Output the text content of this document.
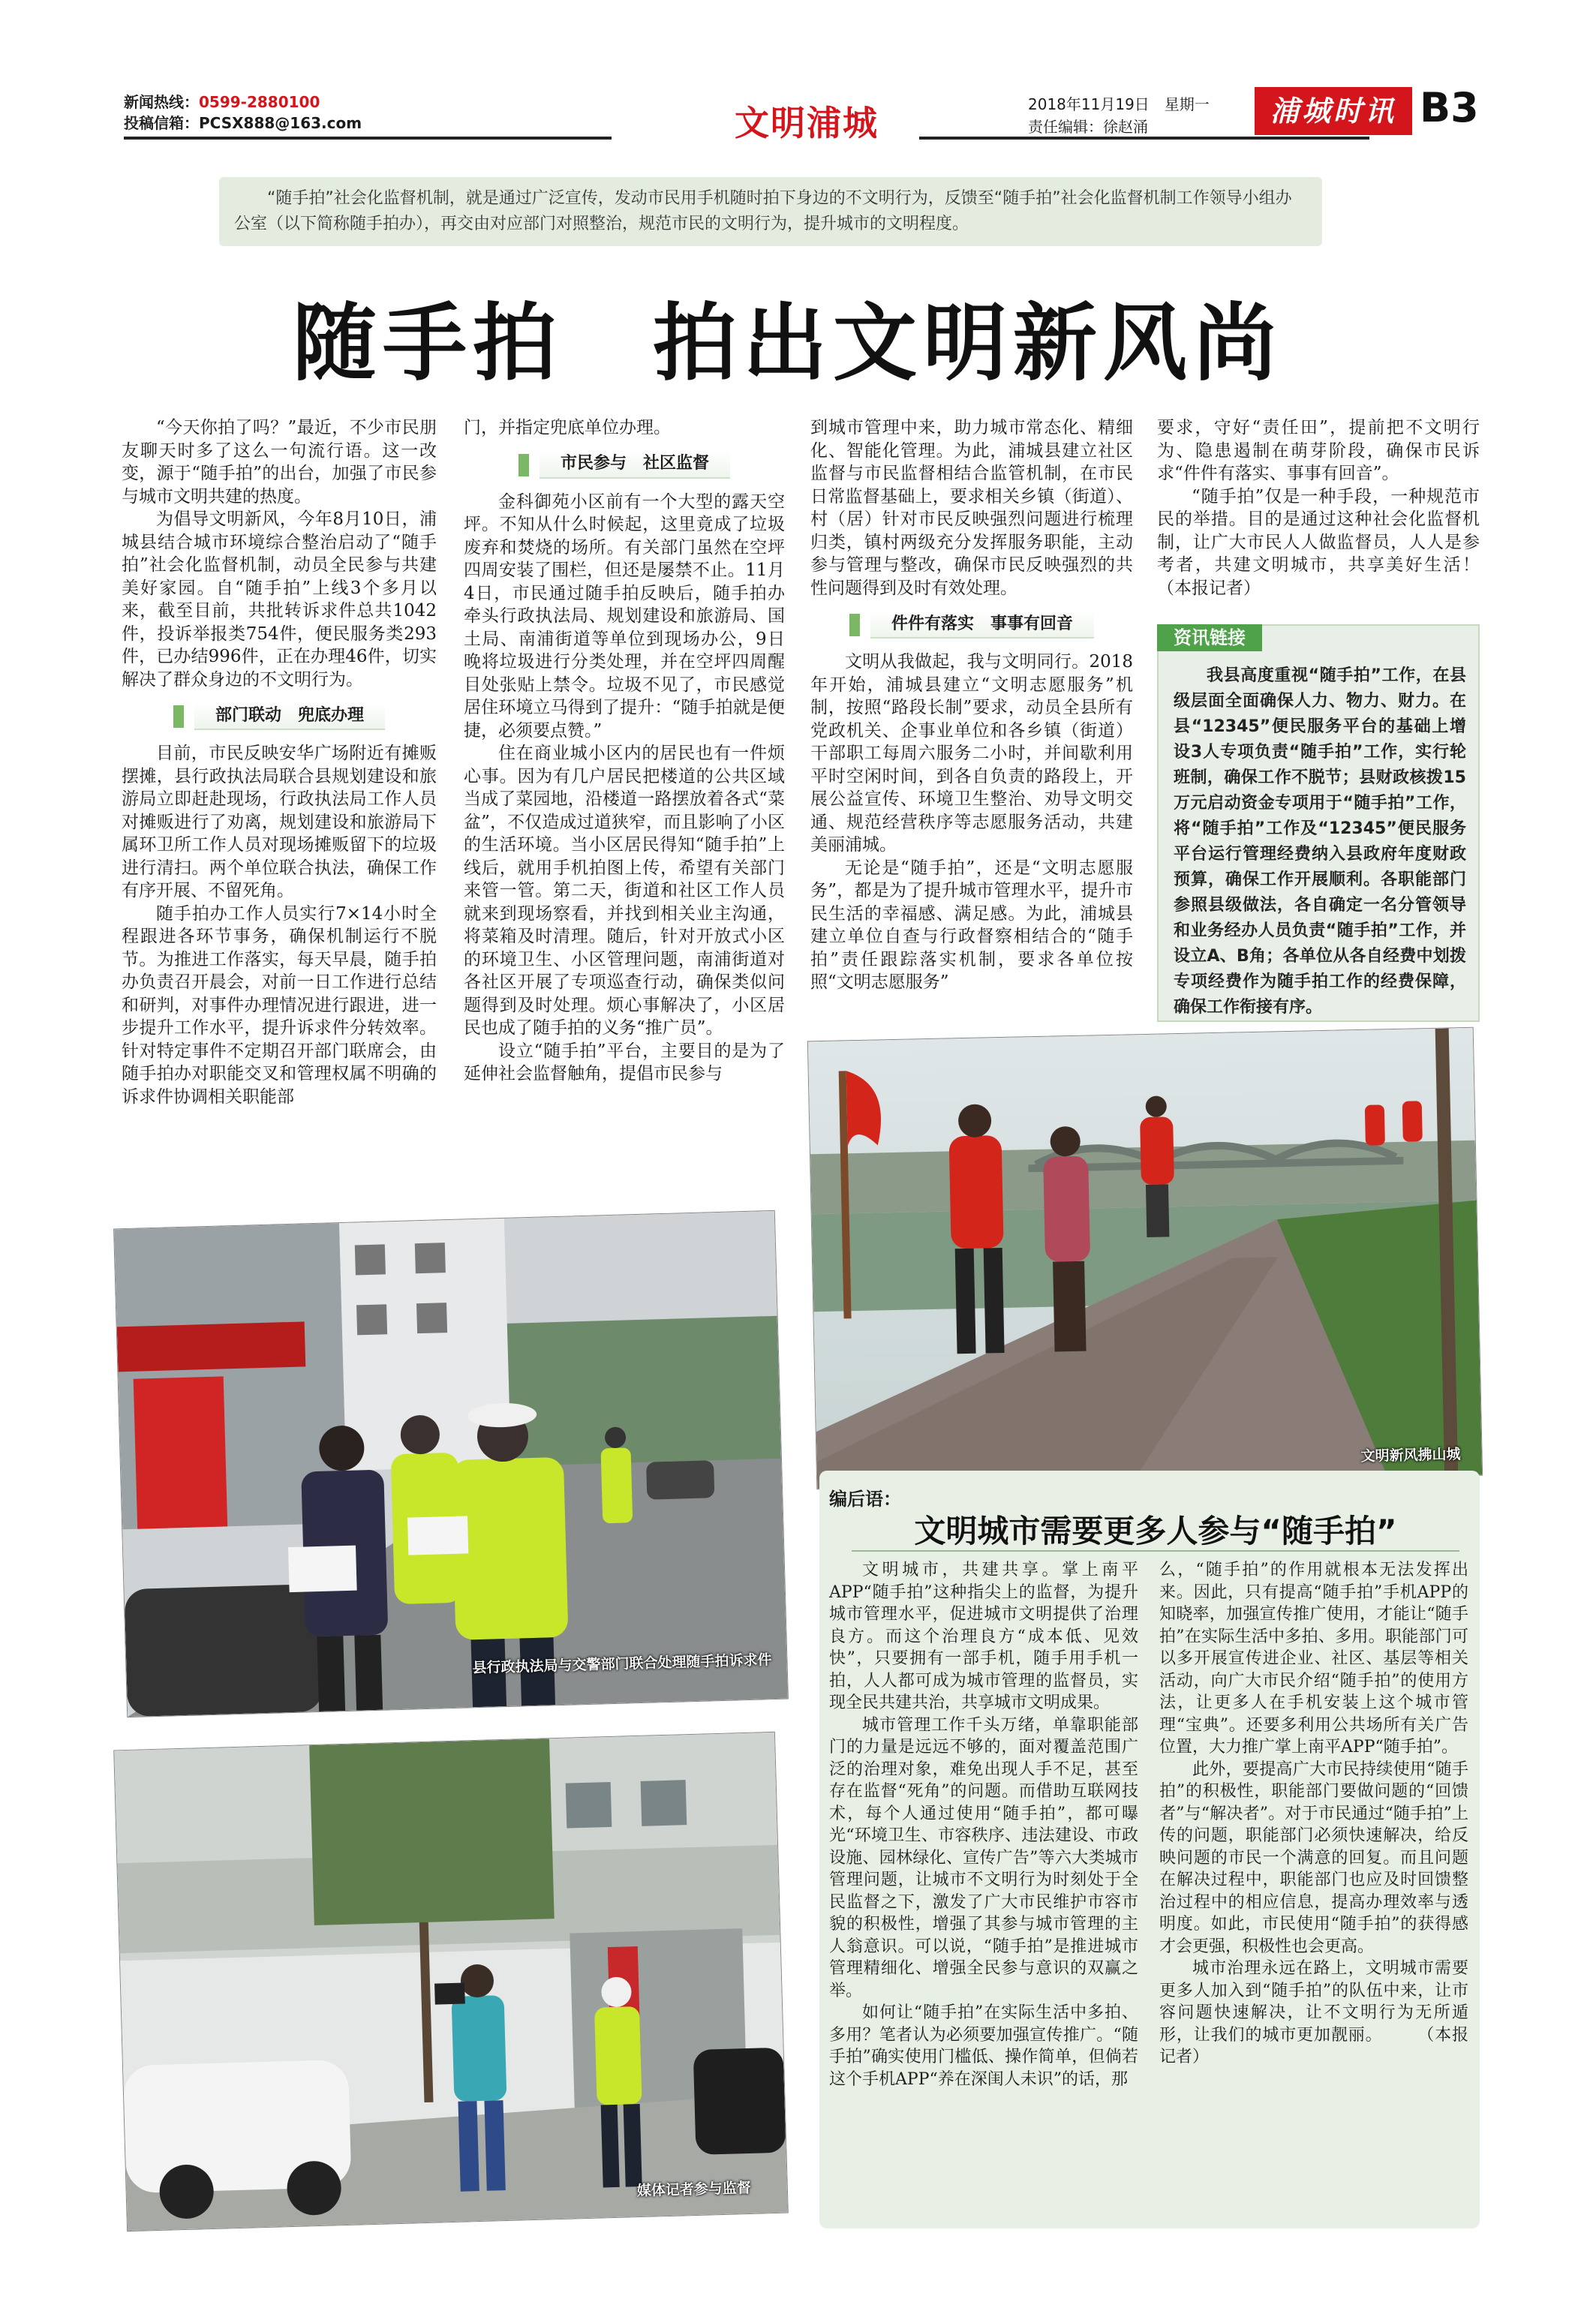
新闻热线：0599-2880100
投稿信箱：PCSX888@163.com	文明浦城	2018年11月19日　星期一
责任编辑：徐赵涌	浦城时讯 B3
“随手拍”社会化监督机制，就是通过广泛宣传，发动市民用手机随时拍下身边的不文明行为，反馈至“随手拍”社会化监督机制工作领导小组办公室（以下简称随手拍办），再交由对应部门对照整治，规范市民的文明行为，提升城市的文明程度。
随手拍　拍出文明新风尚

“今天你拍了吗？”最近，不少市民朋友聊天时多了这么一句流行语。这一改变，源于“随手拍”的出台，加强了市民参与城市文明共建的热度。

为倡导文明新风，今年8月10日，浦城县结合城市环境综合整治启动了“随手拍”社会化监督机制，动员全民参与共建美好家园。自“随手拍”上线3个多月以来，截至目前，共批转诉求件总共1042件，投诉举报类754件，便民服务类293件，已办结996件，正在办理46件，切实解决了群众身边的不文明行为。

部门联动　兜底办理

目前，市民反映安华广场附近有摊贩摆摊，县行政执法局联合县规划建设和旅游局立即赶赴现场，行政执法局工作人员对摊贩进行了劝离，规划建设和旅游局下属环卫所工作人员对现场摊贩留下的垃圾进行清扫。两个单位联合执法，确保工作有序开展、不留死角。

随手拍办工作人员实行7×14小时全程跟进各环节事务，确保机制运行不脱节。为推进工作落实，每天早晨，随手拍办负责召开晨会，对前一日工作进行总结和研判，对事件办理情况进行跟进，进一步提升工作水平，提升诉求件分转效率。针对特定事件不定期召开部门联席会，由随手拍办对职能交叉和管理权属不明确的诉求件协调相关职能部

门，并指定兜底单位办理。

市民参与　社区监督

金科御苑小区前有一个大型的露天空坪。不知从什么时候起，这里竟成了垃圾废弃和焚烧的场所。有关部门虽然在空坪四周安装了围栏，但还是屡禁不止。11月4日，市民通过随手拍反映后，随手拍办牵头行政执法局、规划建设和旅游局、国土局、南浦街道等单位到现场办公，9日晚将垃圾进行分类处理，并在空坪四周醒目处张贴上禁令。垃圾不见了，市民感觉居住环境立马得到了提升：“随手拍就是便捷，必须要点赞。”

住在商业城小区内的居民也有一件烦心事。因为有几户居民把楼道的公共区域当成了菜园地，沿楼道一路摆放着各式“菜盆”，不仅造成过道狭窄，而且影响了小区的生活环境。当小区居民得知“随手拍”上线后，就用手机拍图上传，希望有关部门来管一管。第二天，街道和社区工作人员就来到现场察看，并找到相关业主沟通，将菜箱及时清理。随后，针对开放式小区的环境卫生、小区管理问题，南浦街道对各社区开展了专项巡查行动，确保类似问题得到及时处理。烦心事解决了，小区居民也成了随手拍的义务“推广员”。

设立“随手拍”平台，主要目的是为了延伸社会监督触角，提倡市民参与

到城市管理中来，助力城市常态化、精细化、智能化管理。为此，浦城县建立社区监督与市民监督相结合监管机制，在市民日常监督基础上，要求相关乡镇（街道）、村（居）针对市民反映强烈问题进行梳理归类，镇村两级充分发挥服务职能，主动参与管理与整改，确保市民反映强烈的共性问题得到及时有效处理。

件件有落实　事事有回音

文明从我做起，我与文明同行。2018年开始，浦城县建立“文明志愿服务”机制，按照“路段长制”要求，动员全县所有党政机关、企事业单位和各乡镇（街道）干部职工每周六服务二小时，并间歇利用平时空闲时间，到各自负责的路段上，开展公益宣传、环境卫生整治、劝导文明交通、规范经营秩序等志愿服务活动，共建美丽浦城。

无论是“随手拍”，还是“文明志愿服务”，都是为了提升城市管理水平，提升市民生活的幸福感、满足感。为此，浦城县建立单位自查与行政督察相结合的“随手拍”责任跟踪落实机制，要求各单位按照“文明志愿服务”

要求，守好“责任田”，提前把不文明行为、隐患遏制在萌芽阶段，确保市民诉求“件件有落实、事事有回音”。

“随手拍”仅是一种手段，一种规范市民的举措。目的是通过这种社会化监督机制，让广大市民人人做监督员，人人是参考者，共建文明城市，共享美好生活！　　　（本报记者）

我县高度重视“随手拍”工作，在县级层面全面确保人力、物力、财力。在县“12345”便民服务平台的基础上增设3人专项负责“随手拍”工作，实行轮班制，确保工作不脱节；县财政核拨15万元启动资金专项用于“随手拍”工作，将“随手拍”工作及“12345”便民服务平台运行管理经费纳入县政府年度财政预算，确保工作开展顺利。各职能部门参照县级做法，各自确定一名分管领导和业务经办人员负责“随手拍”工作，并设立A、B角；各单位从各自经费中划拨专项经费作为随手拍工作的经费保障，确保工作衔接有序。

资讯链接
文明新风拂山城
县行政执法局与交警部门联合处理随手拍诉求件
媒体记者参与监督
编后语：
文明城市需要更多人参与“随手拍”

文明城市，共建共享。掌上南平APP“随手拍”这种指尖上的监督，为提升城市管理水平，促进城市文明提供了治理良方。而这个治理良方“成本低、见效快”，只要拥有一部手机，随手用手机一拍，人人都可成为城市管理的监督员，实现全民共建共治，共享城市文明成果。

城市管理工作千头万绪，单靠职能部门的力量是远远不够的，面对覆盖范围广泛的治理对象，难免出现人手不足，甚至存在监督“死角”的问题。而借助互联网技术，每个人通过使用“随手拍”，都可曝光“环境卫生、市容秩序、违法建设、市政设施、园林绿化、宣传广告”等六大类城市管理问题，让城市不文明行为时刻处于全民监督之下，激发了广大市民维护市容市貌的积极性，增强了其参与城市管理的主人翁意识。可以说，“随手拍”是推进城市管理精细化、增强全民参与意识的双赢之举。

如何让“随手拍”在实际生活中多拍、多用？笔者认为必须要加强宣传推广。“随手拍”确实使用门槛低、操作简单，但倘若这个手机APP“养在深闺人未识”的话，那

么，“随手拍”的作用就根本无法发挥出来。因此，只有提高“随手拍”手机APP的知晓率，加强宣传推广使用，才能让“随手拍”在实际生活中多拍、多用。职能部门可以多开展宣传进企业、社区、基层等相关活动，向广大市民介绍“随手拍”的使用方法，让更多人在手机安装上这个城市管理“宝典”。还要多利用公共场所有关广告位置，大力推广掌上南平APP“随手拍”。

此外，要提高广大市民持续使用“随手拍”的积极性，职能部门要做问题的“回馈者”与“解决者”。对于市民通过“随手拍”上传的问题，职能部门必须快速解决，给反映问题的市民一个满意的回复。而且问题在解决过程中，职能部门也应及时回馈整治过程中的相应信息，提高办理效率与透明度。如此，市民使用“随手拍”的获得感才会更强，积极性也会更高。

城市治理永远在路上，文明城市需要更多人加入到“随手拍”的队伍中来，让市容问题快速解决，让不文明行为无所遁形，让我们的城市更加靓丽。　　　（本报记者）
